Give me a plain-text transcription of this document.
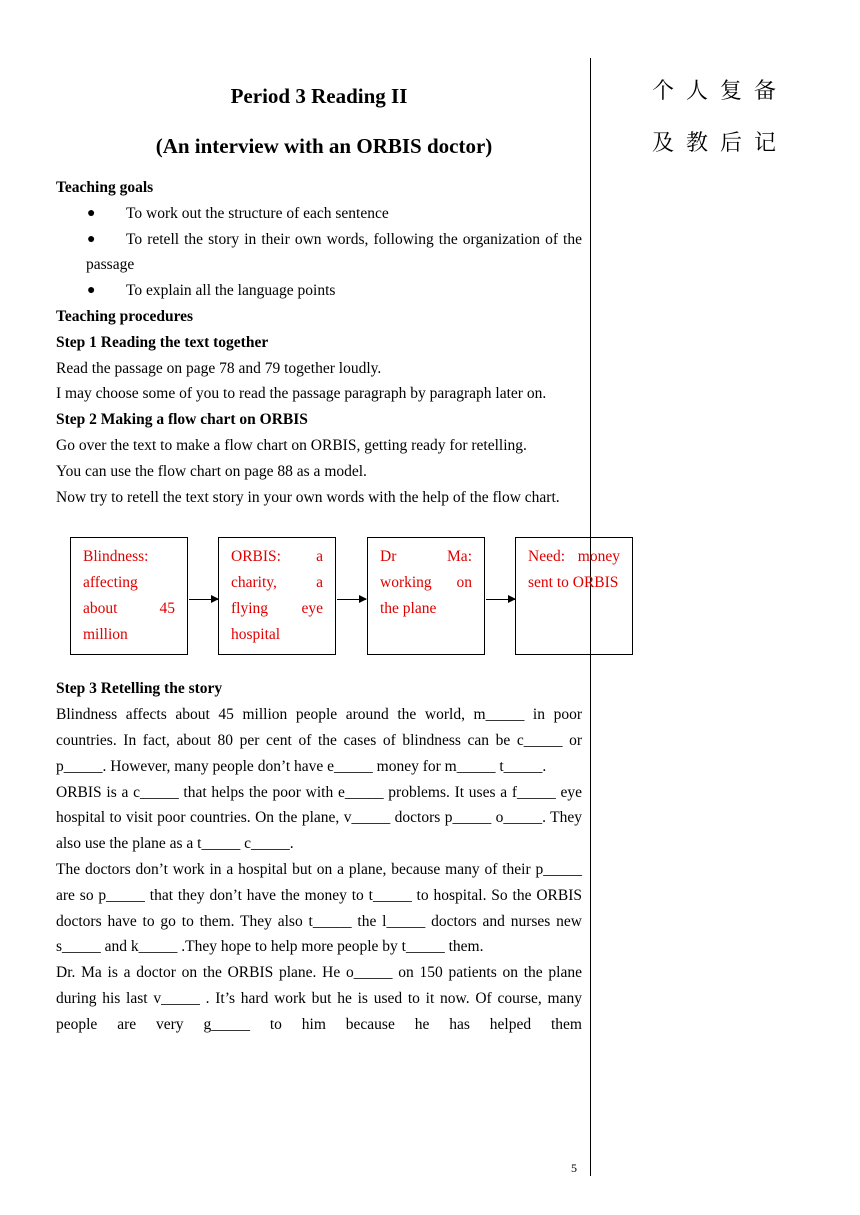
个人复备
及教后记
Period 3 Reading II
(An interview with an ORBIS doctor)
Teaching goals
●	To work out the structure of each sentence
●	To retell the story in their own words, following the organization of the passage
●	To explain all the language points
Teaching procedures
Step 1 Reading the text together
Read the passage on page 78 and 79 together loudly.
I may choose some of you to read the passage paragraph by paragraph later on.
Step 2 Making a flow chart on ORBIS
Go over the text to make a flow chart on ORBIS, getting ready for retelling.
You can use the flow chart on page 88 as a model.
Now try to retell the text story in your own words with the help of the flow chart.
Blindness: affecting about 45 million
ORBIS: a charity, a flying eye hospital
Dr Ma: working on the plane
Need: money sent to ORBIS
Step 3 Retelling the story
Blindness affects about 45 million people around the world, m_____ in poor countries. In fact, about 80 per cent of the cases of blindness can be c_____ or p_____. However, many people don’t have e_____ money for m_____ t_____.
ORBIS is a c_____ that helps the poor with e_____ problems. It uses a f_____ eye hospital to visit poor countries. On the plane, v_____ doctors p_____ o_____. They also use the plane as a t_____ c_____.
The doctors don’t work in a hospital but on a plane, because many of their p_____ are so p_____ that they don’t have the money to t_____ to hospital. So the ORBIS doctors have to go to them. They also t_____ the l_____ doctors and nurses new s_____ and k_____ .They hope to help more people by t_____ them.
Dr. Ma is a doctor on the ORBIS plane. He o_____ on 150 patients on the plane during his last v_____ . It’s hard work but he is used to it now. Of course, many people are very g_____ to him because he has helped them
5
